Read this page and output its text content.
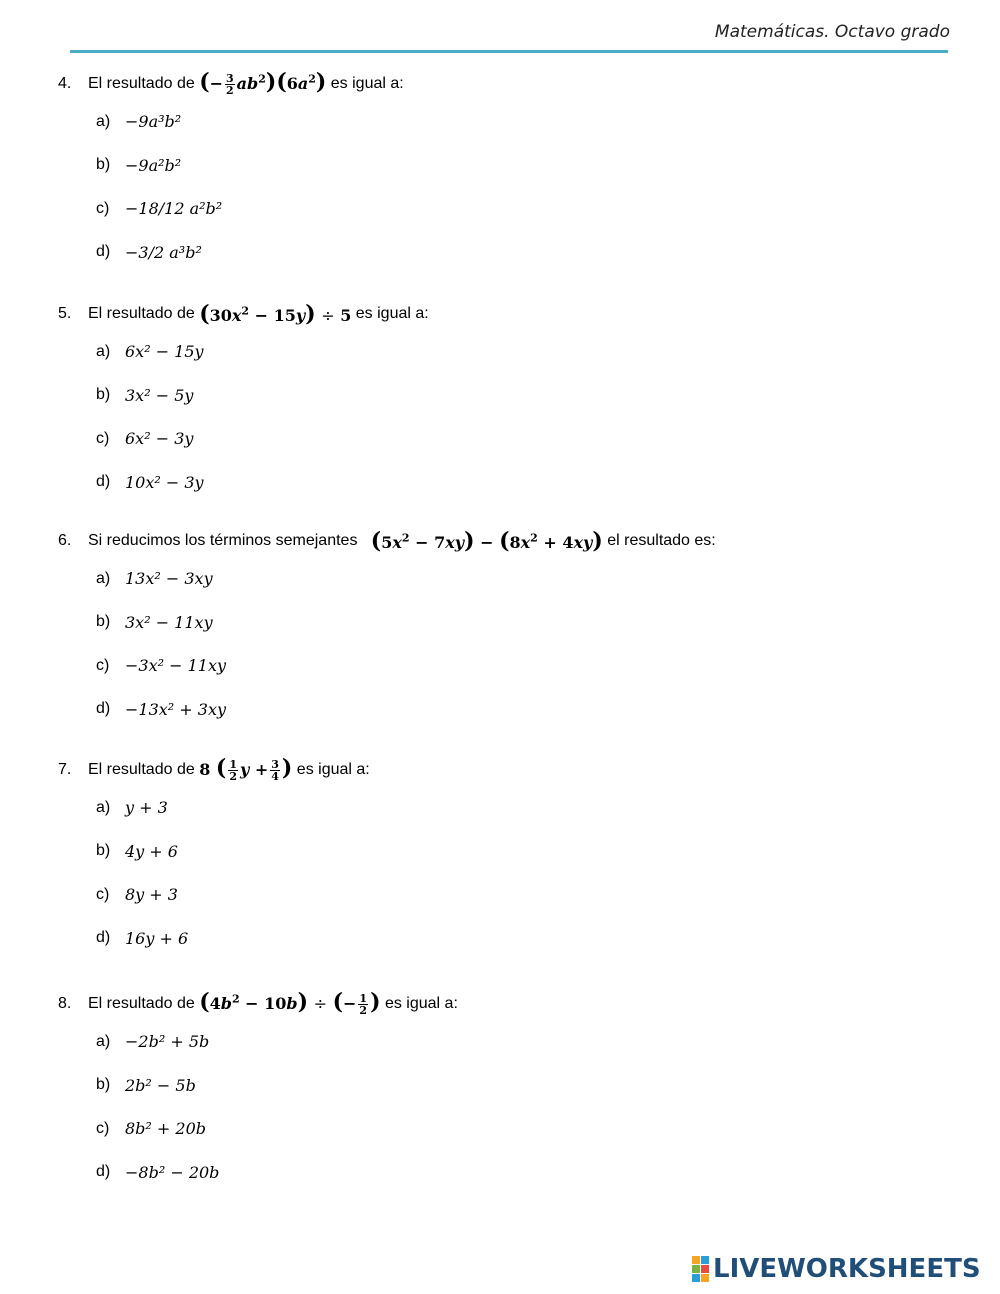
Matemáticas. Octavo grado
4.	El resultado de
(− $\frac{3}{2} ab^2)(6a^2)$
es igual a:
a) −9a³b²
b) −9a²b²
c) −18/12 a²b²
d) −3/2 a³b²
5.	El resultado de
$(30x^2 - 15y) \div 5$
es igual a:
a) 6x² − 15y
b) 3x² − 5y
c) 6x² − 3y
d) 10x² − 3y
6.	Si reducimos los términos semejantes
$(5x^2 - 7xy) - (8x^2 + 4xy)$
el resultado es:
a) 13x² − 3xy
b) 3x² − 11xy
c) −3x² − 11xy
d) −13x² + 3xy
7.	El resultado de
8 ( $\frac{1}{2}$ $y + \frac{3}{4}$ )
es igual a:
a) y + 3
b) 4y + 6
c) 8y + 3
d) 16y + 6
8.	El resultado de
$(4b^2 - 10b)$ ÷ (− $\frac{1}{2}$ )
es igual a:
a) −2b² + 5b
b) 2b² − 5b
c) 8b² + 20b
d) −8b² − 20b
LIVEWORKSHEETS
